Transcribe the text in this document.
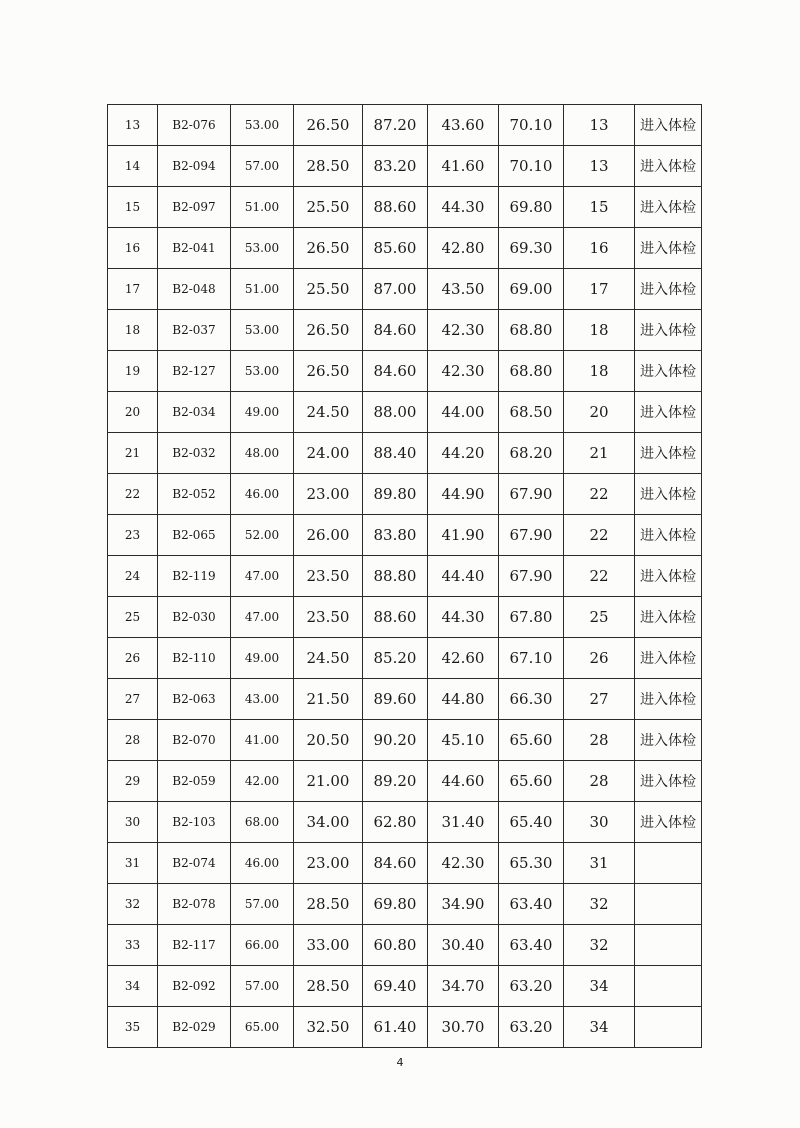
13	B2-076	53.00	26.50	87.20	43.60	70.10	13	进入体检
14	B2-094	57.00	28.50	83.20	41.60	70.10	13	进入体检
15	B2-097	51.00	25.50	88.60	44.30	69.80	15	进入体检
16	B2-041	53.00	26.50	85.60	42.80	69.30	16	进入体检
17	B2-048	51.00	25.50	87.00	43.50	69.00	17	进入体检
18	B2-037	53.00	26.50	84.60	42.30	68.80	18	进入体检
19	B2-127	53.00	26.50	84.60	42.30	68.80	18	进入体检
20	B2-034	49.00	24.50	88.00	44.00	68.50	20	进入体检
21	B2-032	48.00	24.00	88.40	44.20	68.20	21	进入体检
22	B2-052	46.00	23.00	89.80	44.90	67.90	22	进入体检
23	B2-065	52.00	26.00	83.80	41.90	67.90	22	进入体检
24	B2-119	47.00	23.50	88.80	44.40	67.90	22	进入体检
25	B2-030	47.00	23.50	88.60	44.30	67.80	25	进入体检
26	B2-110	49.00	24.50	85.20	42.60	67.10	26	进入体检
27	B2-063	43.00	21.50	89.60	44.80	66.30	27	进入体检
28	B2-070	41.00	20.50	90.20	45.10	65.60	28	进入体检
29	B2-059	42.00	21.00	89.20	44.60	65.60	28	进入体检
30	B2-103	68.00	34.00	62.80	31.40	65.40	30	进入体检
31	B2-074	46.00	23.00	84.60	42.30	65.30	31	
32	B2-078	57.00	28.50	69.80	34.90	63.40	32	
33	B2-117	66.00	33.00	60.80	30.40	63.40	32	
34	B2-092	57.00	28.50	69.40	34.70	63.20	34	
35	B2-029	65.00	32.50	61.40	30.70	63.20	34	
4
